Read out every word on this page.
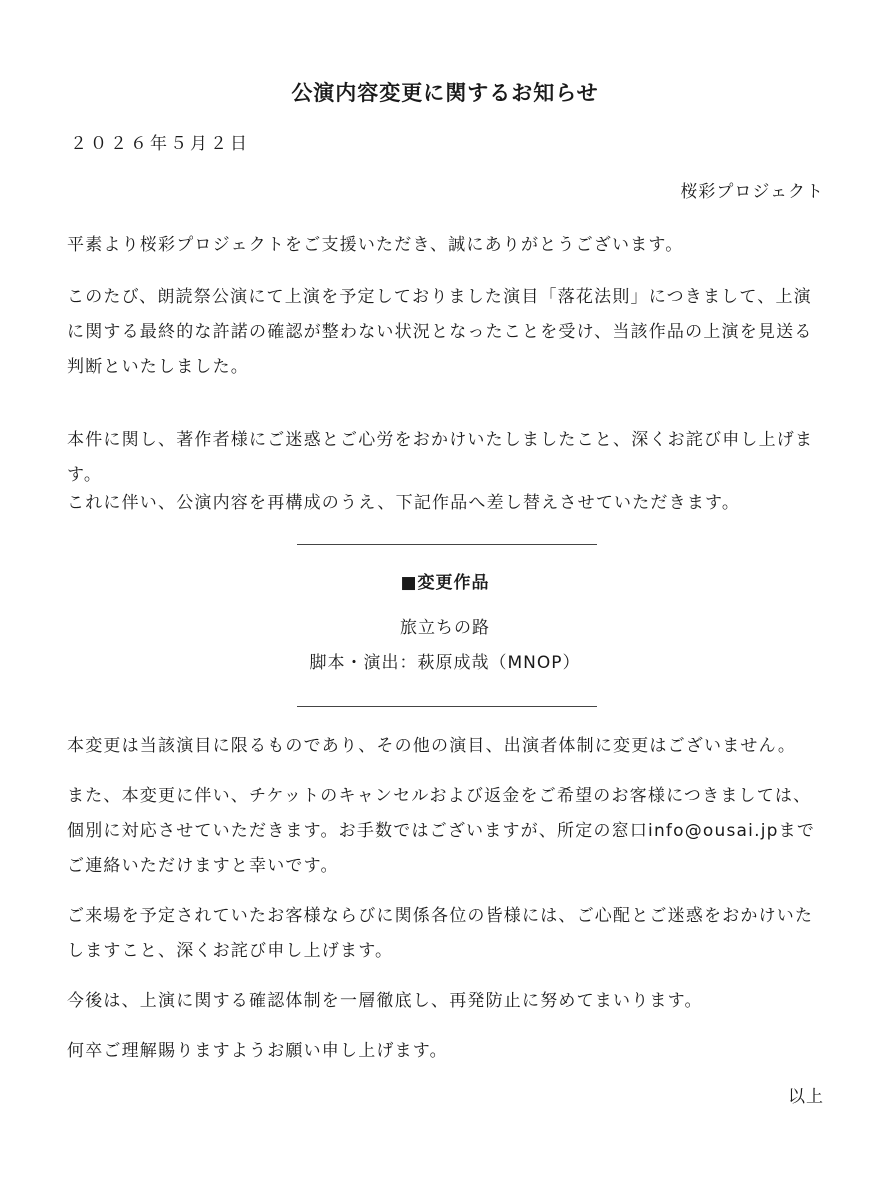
公演内容変更に関するお知らせ
２０２６年５月２日
桜彩プロジェクト

平素より桜彩プロジェクトをご支援いただき、誠にありがとうございます。

このたび、朗読祭公演にて上演を予定しておりました演目「落花法則」につきまして、上演に関する最終的な許諾の確認が整わない状況となったことを受け、当該作品の上演を見送る判断といたしました。

本件に関し、著作者様にご迷惑とご心労をおかけいたしましたこと、深くお詫び申し上げます。

これに伴い、公演内容を再構成のうえ、下記作品へ差し替えさせていただきます。

■変更作品
旅立ちの路
脚本・演出：萩原成哉（MNOP）

本変更は当該演目に限るものであり、その他の演目、出演者体制に変更はございません。

また、本変更に伴い、チケットのキャンセルおよび返金をご希望のお客様につきましては、個別に対応させていただきます。お手数ではございますが、所定の窓口info@ousai.jpまでご連絡いただけますと幸いです。

ご来場を予定されていたお客様ならびに関係各位の皆様には、ご心配とご迷惑をおかけいたしますこと、深くお詫び申し上げます。

今後は、上演に関する確認体制を一層徹底し、再発防止に努めてまいります。

何卒ご理解賜りますようお願い申し上げます。

以上
